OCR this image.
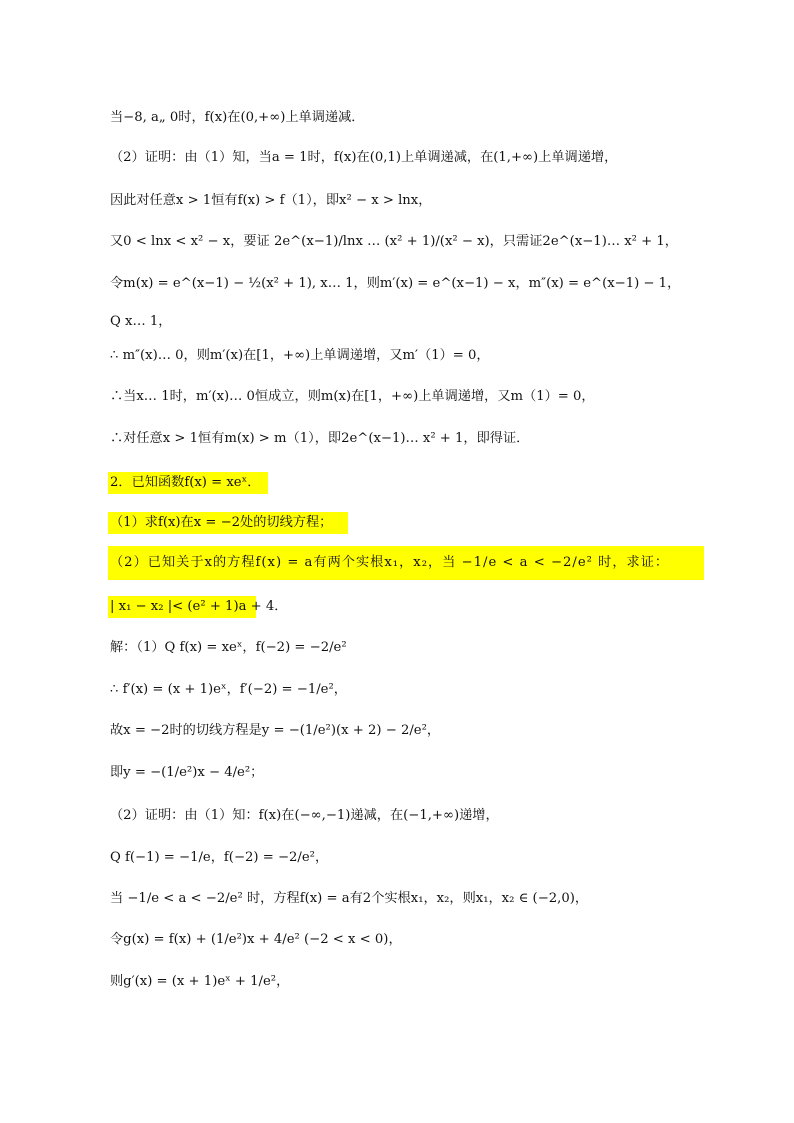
当−8, a„ 0时，f(x)在(0,+∞)上单调递减．
（2）证明：由（1）知，当a = 1时，f(x)在(0,1)上单调递减，在(1,+∞)上单调递增，
因此对任意x > 1恒有f(x) > f（1），即x² − x > lnx，
又0 < lnx < x² − x，要证 2e^(x−1)/lnx … (x² + 1)/(x² − x)，只需证2e^(x−1)… x² + 1，
令m(x) = e^(x−1) − ½(x² + 1), x… 1，则m′(x) = e^(x−1) − x，m″(x) = e^(x−1) − 1，
Q x… 1，
∴ m″(x)… 0，则m′(x)在[1，+∞)上单调递增，又m′（1）= 0，
∴当x… 1时，m′(x)… 0恒成立，则m(x)在[1，+∞)上单调递增，又m（1）= 0，
∴对任意x > 1恒有m(x) > m（1），即2e^(x−1)… x² + 1，即得证．
2．已知函数f(x) = xeˣ．
（1）求f(x)在x = −2处的切线方程；
（2）已知关于x的方程f(x) = a有两个实根x₁，x₂，当 −1/e < a < −2/e² 时，求证：
| x₁ − x₂ |< (e² + 1)a + 4．
解：（1）Q f(x) = xeˣ，f(−2) = −2/e²
∴ f′(x) = (x + 1)eˣ，f′(−2) = −1/e²，
故x = −2时的切线方程是y = −(1/e²)(x + 2) − 2/e²，
即y = −(1/e²)x − 4/e²；
（2）证明：由（1）知：f(x)在(−∞,−1)递减，在(−1,+∞)递增，
Q f(−1) = −1/e，f(−2) = −2/e²，
当 −1/e < a < −2/e² 时，方程f(x) = a有2个实根x₁，x₂，则x₁，x₂ ∈ (−2,0)，
令g(x) = f(x) + (1/e²)x + 4/e² (−2 < x < 0)，
则g′(x) = (x + 1)eˣ + 1/e²，
